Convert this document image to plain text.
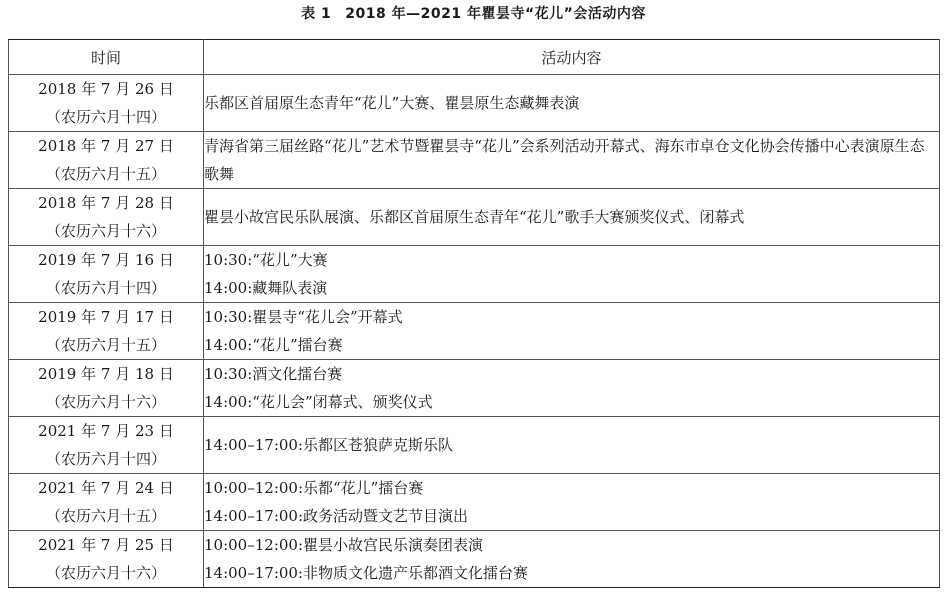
表 1 2018 年—2021 年瞿昙寺“花儿”会活动内容
时间	活动内容

2018 年 7 月 26 日
（农历六月十四）	乐都区首届原生态青年“花儿”大赛、瞿昙原生态藏舞表演

2018 年 7 月 27 日
（农历六月十五）	青海省第三届丝路“花儿”艺术节暨瞿昙寺“花儿”会系列活动开幕式、海东市卓仓文化协会传播中心表演原生态歌舞

2018 年 7 月 28 日
（农历六月十六）	瞿昙小故宫民乐队展演、乐都区首届原生态青年“花儿”歌手大赛颁奖仪式、闭幕式

2019 年 7 月 16 日
（农历六月十四）	10:30:“花儿”大赛
14:00:藏舞队表演

2019 年 7 月 17 日
（农历六月十五）	10:30:瞿昙寺“花儿会”开幕式
14:00:“花儿”擂台赛

2019 年 7 月 18 日
（农历六月十六）	10:30:酒文化擂台赛
14:00:“花儿会”闭幕式、颁奖仪式

2021 年 7 月 23 日
（农历六月十四）	14:00–17:00:乐都区苍狼萨克斯乐队

2021 年 7 月 24 日
（农历六月十五）	10:00–12:00:乐都“花儿”擂台赛
14:00–17:00:政务活动暨文艺节目演出

2021 年 7 月 25 日
（农历六月十六）	10:00–12:00:瞿昙小故宫民乐演奏团表演
14:00–17:00:非物质文化遗产乐都酒文化擂台赛
